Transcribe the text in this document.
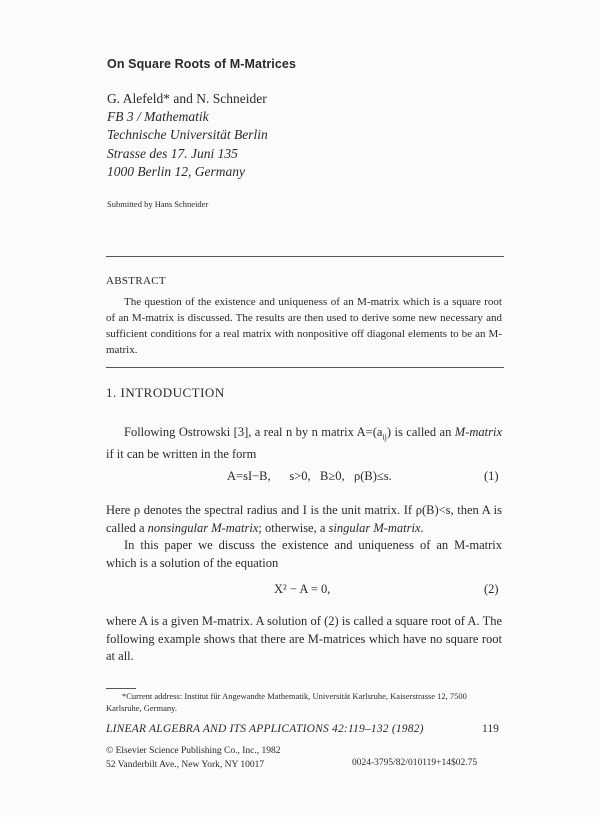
On Square Roots of M-Matrices
G. Alefeld* and N. Schneider
FB 3 / Mathematik
Technische Universität Berlin
Strasse des 17. Juni 135
1000 Berlin 12, Germany
Submitted by Hans Schneider
ABSTRACT

The question of the existence and uniqueness of an M-matrix which is a square root of an M-matrix is discussed. The results are then used to derive some new necessary and sufficient conditions for a real matrix with nonpositive off diagonal elements to be an M-matrix.

1. INTRODUCTION

Following Ostrowski [3], a real n by n matrix $A=(a_{ij})$ is called an M-matrix if it can be written in the form

A=sI−B,      s>0,   B≥0,   ρ(B)≤s.	(1)

Here ρ denotes the spectral radius and I is the unit matrix. If ρ(B)<s, then A is called a nonsingular M-matrix; otherwise, a singular M-matrix.

In this paper we discuss the existence and uniqueness of an M-matrix which is a solution of the equation

X² − A = 0,	(2)

where A is a given M-matrix. A solution of (2) is called a square root of A. The following example shows that there are M-matrices which have no square root at all.

*Current address: Institut für Angewandte Mathematik, Universität Karlsruhe, Kaiserstrasse 12, 7500 Karlsruhe, Germany.
LINEAR ALGEBRA AND ITS APPLICATIONS 42:119–132 (1982)	119
© Elsevier Science Publishing Co., Inc., 1982
52 Vanderbilt Ave., New York, NY 10017	0024-3795/82/010119+14$02.75
